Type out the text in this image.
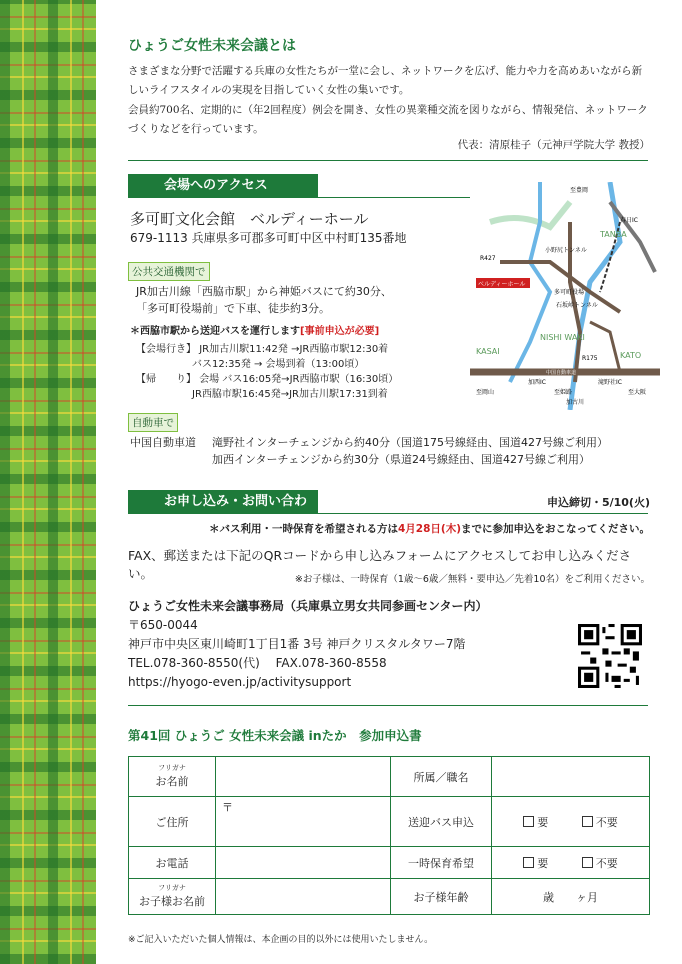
ひょうご女性未来会議とは
さまざまな分野で活躍する兵庫の女性たちが一堂に会し、ネットワークを広げ、能力や力を高めあいながら新しいライフスタイルの実現を目指していく女性の集いです。
会員約700名、定期的に（年2回程度）例会を開き、女性の異業種交流を図りながら、情報発信、ネットワークづくりなどを行っています。
代表：清原桂子（元神戸学院大学 教授）
会場へのアクセス
多可町文化会館　ベルディーホール
679-1113 兵庫県多可郡多可町中区中村町135番地
公共交通機関で
JR加古川線「西脇市駅」から神姫バスにて約30分、
「多可町役場前」で下車、徒歩約3分。
＊西脇市駅から送迎バスを運行します[事前申込が必要]
【会場行き】 JR加古川駅11:42発 →JR西脇市駅12:30着
バス12:35発 → 会場到着（13:00頃）
【帰　　り】 会場 バス16:05発→JR西脇市駅（16:30頃）
JR西脇市駅16:45発→JR加古川駅17:31到着
自動車で
中国自動車道 滝野社インターチェンジから約40分（国道175号線経由、国道427号線ご利用）
加西インターチェンジから約30分（県道24号線経由、国道427号線ご利用）
ベルディーホール
至豊岡
TANBA
春日IC
小野尻トンネル
R427
多可町役場
石坂峠トンネル
NISHI WAKI
R175
KASAI	KATO
加西IC
中国自動車道
滝野社IC
加古川
至大阪
至姫路
至岡山
お申し込み・お問い合わせ
申込締切・5/10(火)
＊バス利用・一時保育を希望される方は4月28日(木)までに参加申込をおこなってください。
FAX、郵送または下記のQRコードから申し込みフォームにアクセスしてお申し込みください。	※お子様は、一時保育（1歳〜6歳／無料・要申込／先着10名）をご利用ください。
ひょうご女性未来会議事務局（兵庫県立男女共同参画センター内）
〒650-0044
神戸市中央区東川崎町1丁目1番 3号 神戸クリスタルタワー7階
TEL.078-360-8550(代)　 FAX.078-360-8558
https://hyogo-even.jp/activitysupport
第41回 ひょうご 女性未来会議 inたか　参加申込書
フリガナ
お名前		所属／職名	
ご住所	〒	送迎バス申込	要 不要
お電話		一時保育希望	要 不要

フリガナ
お子様お名前		お子様年齢	歳　　ヶ月
※ご記入いただいた個人情報は、本企画の目的以外には使用いたしません。
